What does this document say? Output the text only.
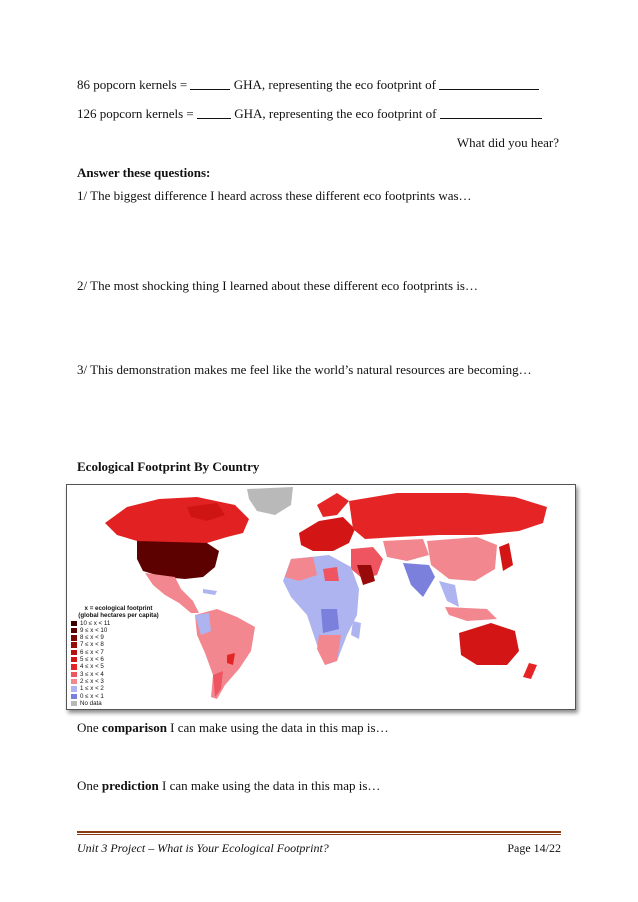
86 popcorn kernels =	GHA, representing the eco footprint of
126 popcorn kernels =	GHA, representing the eco footprint of
What did you hear?
Answer these questions:
1/ The biggest difference I heard across these different eco footprints was…
2/ The most shocking thing I learned about these different eco footprints is…
3/ This demonstration makes me feel like the world’s natural resources are becoming…
Ecological Footprint By Country
x = ecological footprint
(global hectares per capita)
10 ≤ x < 11
9 ≤ x < 10
8 ≤ x < 9
7 ≤ x < 8
6 ≤ x < 7
5 ≤ x < 6
4 ≤ x < 5
3 ≤ x < 4
2 ≤ x < 3
1 ≤ x < 2
0 ≤ x < 1
No data
One comparison I can make using the data in this map is…
One prediction I can make using the data in this map is…
Unit 3 Project – What is Your Ecological Footprint?	Page 14/22
